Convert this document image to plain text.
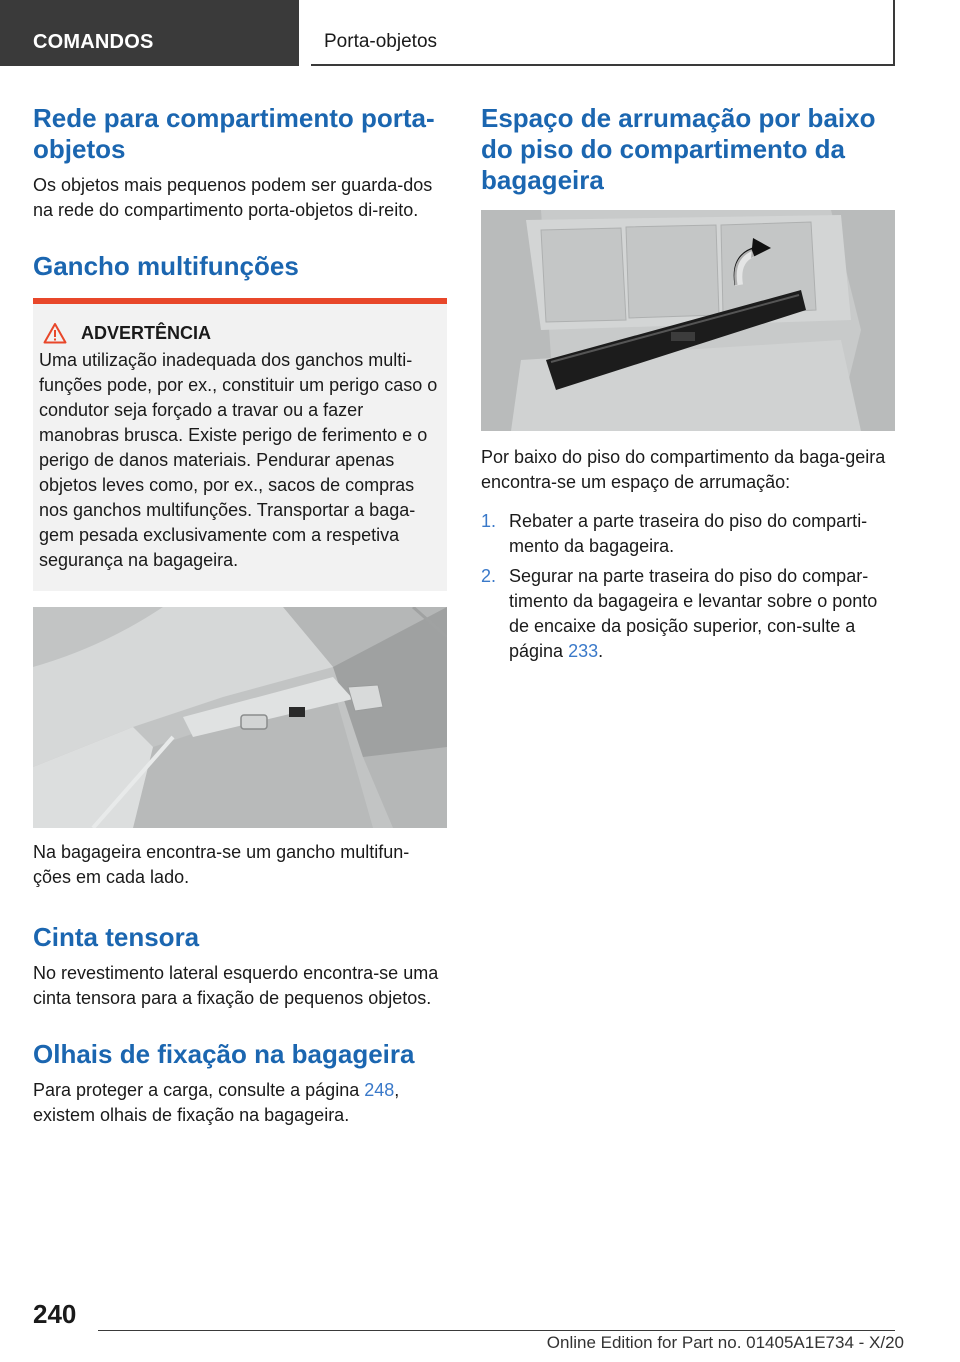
COMANDOS	Porta-objetos
Rede para compartimento porta-objetos

Os objetos mais pequenos podem ser guarda-dos na rede do compartimento porta-objetos di-reito.

Gancho multifunções
ADVERTÊNCIA
Uma utilização inadequada dos ganchos multi-funções pode, por ex., constituir um perigo caso o condutor seja forçado a travar ou a fazer manobras brusca. Existe perigo de ferimento e o perigo de danos materiais. Pendurar apenas objetos leves como, por ex., sacos de compras nos ganchos multifunções. Transportar a baga-gem pesada exclusivamente com a respetiva segurança na bagageira.

Na bagageira encontra-se um gancho multifun-ções em cada lado.

Cinta tensora

No revestimento lateral esquerdo encontra-se uma cinta tensora para a fixação de pequenos objetos.

Olhais de fixação na bagageira

Para proteger a carga, consulte a página 248,
existem olhais de fixação na bagageira.

Espaço de arrumação por baixo do piso do compartimento da bagageira

Por baixo do piso do compartimento da baga-geira encontra-se um espaço de arrumação:

1. Rebater a parte traseira do piso do comparti-mento da bagageira.
2. Segurar na parte traseira do piso do compar-timento da bagageira e levantar sobre o ponto de encaixe da posição superior, con-sulte a página 233.
240
Online Edition for Part no. 01405A1E734 - X/20
